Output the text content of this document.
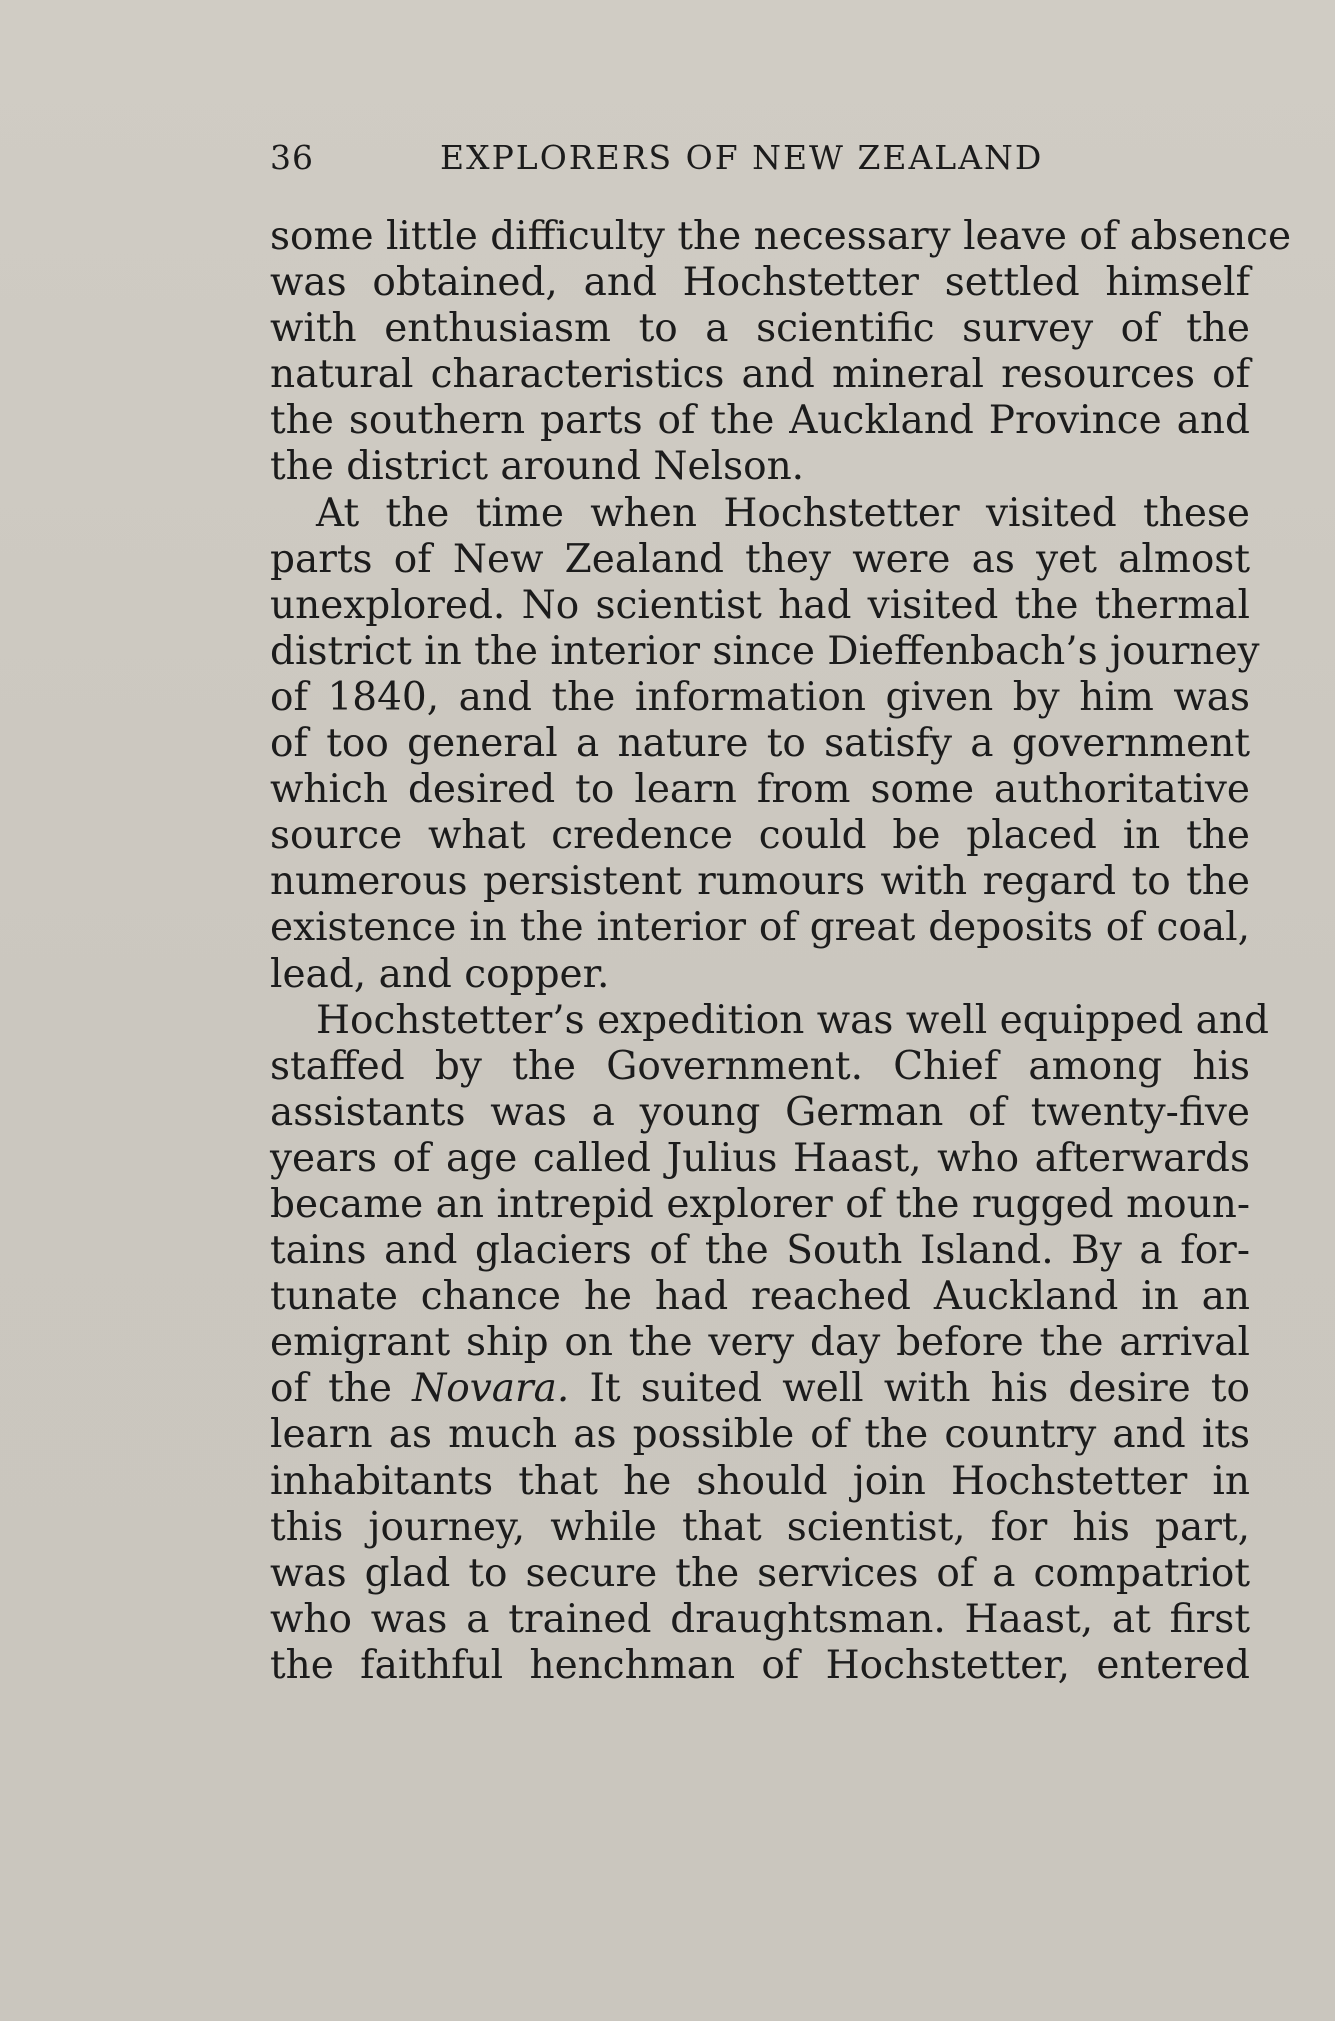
36	EXPLORERS OF NEW ZEALAND
some little difficulty the necessary leave of absence
was obtained, and Hochstetter settled himself
with enthusiasm to a scientific survey of the
natural characteristics and mineral resources of
the southern parts of the Auckland Province and
the district around Nelson.
At the time when Hochstetter visited these
parts of New Zealand they were as yet almost
unexplored. No scientist had visited the thermal
district in the interior since Dieffenbach’s journey
of 1840, and the information given by him was
of too general a nature to satisfy a government
which desired to learn from some authoritative
source what credence could be placed in the
numerous persistent rumours with regard to the
existence in the interior of great deposits of coal,
lead, and copper.
Hochstetter’s expedition was well equipped and
staffed by the Government. Chief among his
assistants was a young German of twenty-five
years of age called Julius Haast, who afterwards
became an intrepid explorer of the rugged moun-
tains and glaciers of the South Island. By a for-
tunate chance he had reached Auckland in an
emigrant ship on the very day before the arrival
of the Novara. It suited well with his desire to
learn as much as possible of the country and its
inhabitants that he should join Hochstetter in
this journey, while that scientist, for his part,
was glad to secure the services of a compatriot
who was a trained draughtsman. Haast, at first
the faithful henchman of Hochstetter, entered
